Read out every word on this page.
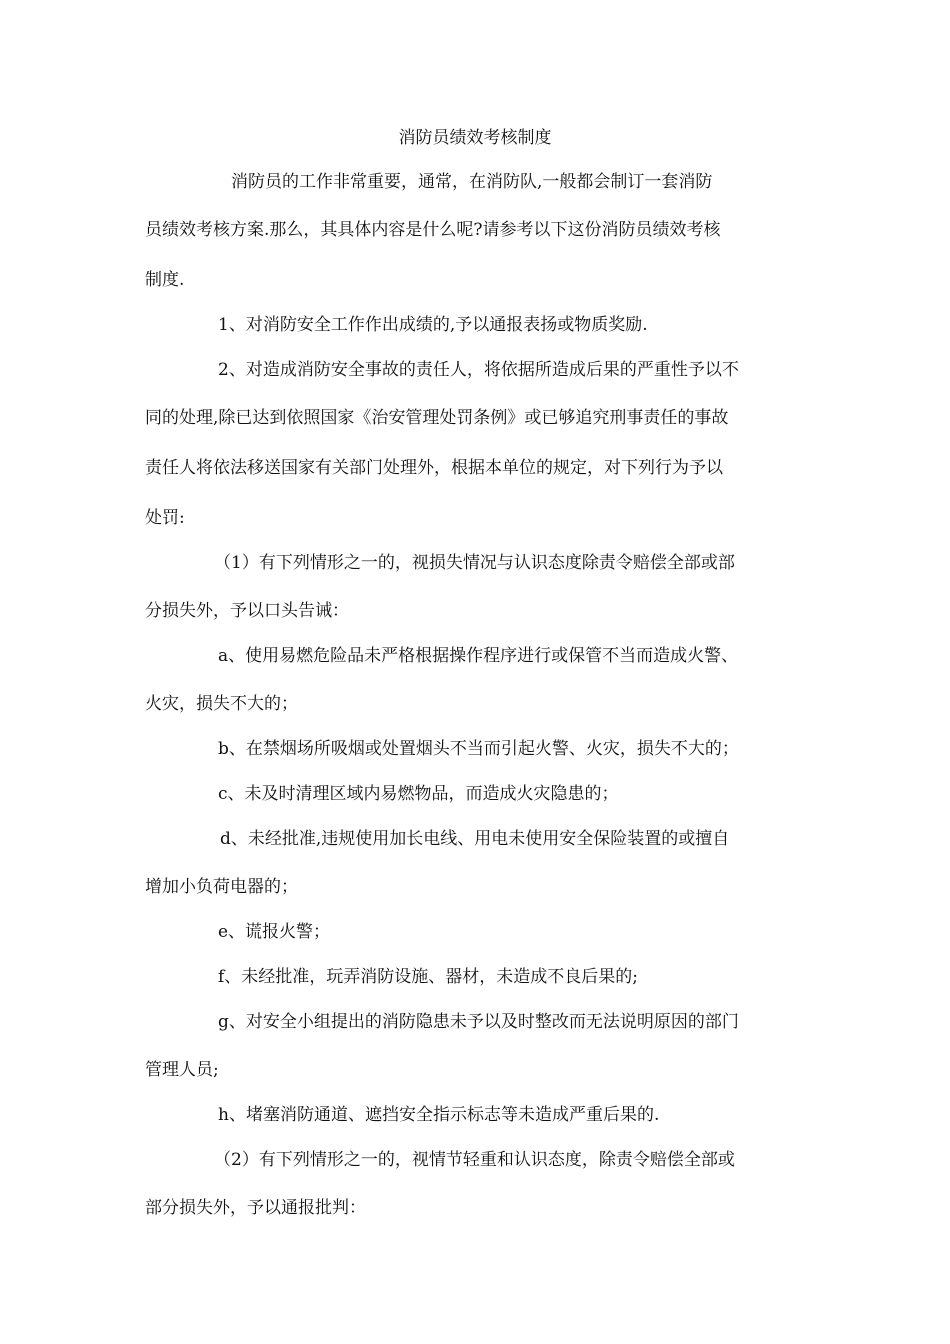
消防员绩效考核制度
消防员的工作非常重要，通常，在消防队,一般都会制订一套消防
员绩效考核方案.那么，其具体内容是什么呢?请参考以下这份消防员绩效考核
制度.
1、对消防安全工作作出成绩的,予以通报表扬或物质奖励.
2、对造成消防安全事故的责任人，将依据所造成后果的严重性予以不
同的处理,除已达到依照国家《治安管理处罚条例》或已够追究刑事责任的事故
责任人将依法移送国家有关部门处理外，根据本单位的规定，对下列行为予以
处罚:
（1）有下列情形之一的，视损失情况与认识态度除责令赔偿全部或部
分损失外，予以口头告诫：
a、使用易燃危险品未严格根据操作程序进行或保管不当而造成火警、
火灾，损失不大的；
b、在禁烟场所吸烟或处置烟头不当而引起火警、火灾，损失不大的；
c、未及时清理区域内易燃物品，而造成火灾隐患的；
d、未经批准,违规使用加长电线、用电未使用安全保险装置的或擅自
增加小负荷电器的；
e、谎报火警；
f、未经批准，玩弄消防设施、器材，未造成不良后果的;
g、对安全小组提出的消防隐患未予以及时整改而无法说明原因的部门
管理人员;
h、堵塞消防通道、遮挡安全指示标志等未造成严重后果的.
（2）有下列情形之一的，视情节轻重和认识态度，除责令赔偿全部或
部分损失外，予以通报批判：
